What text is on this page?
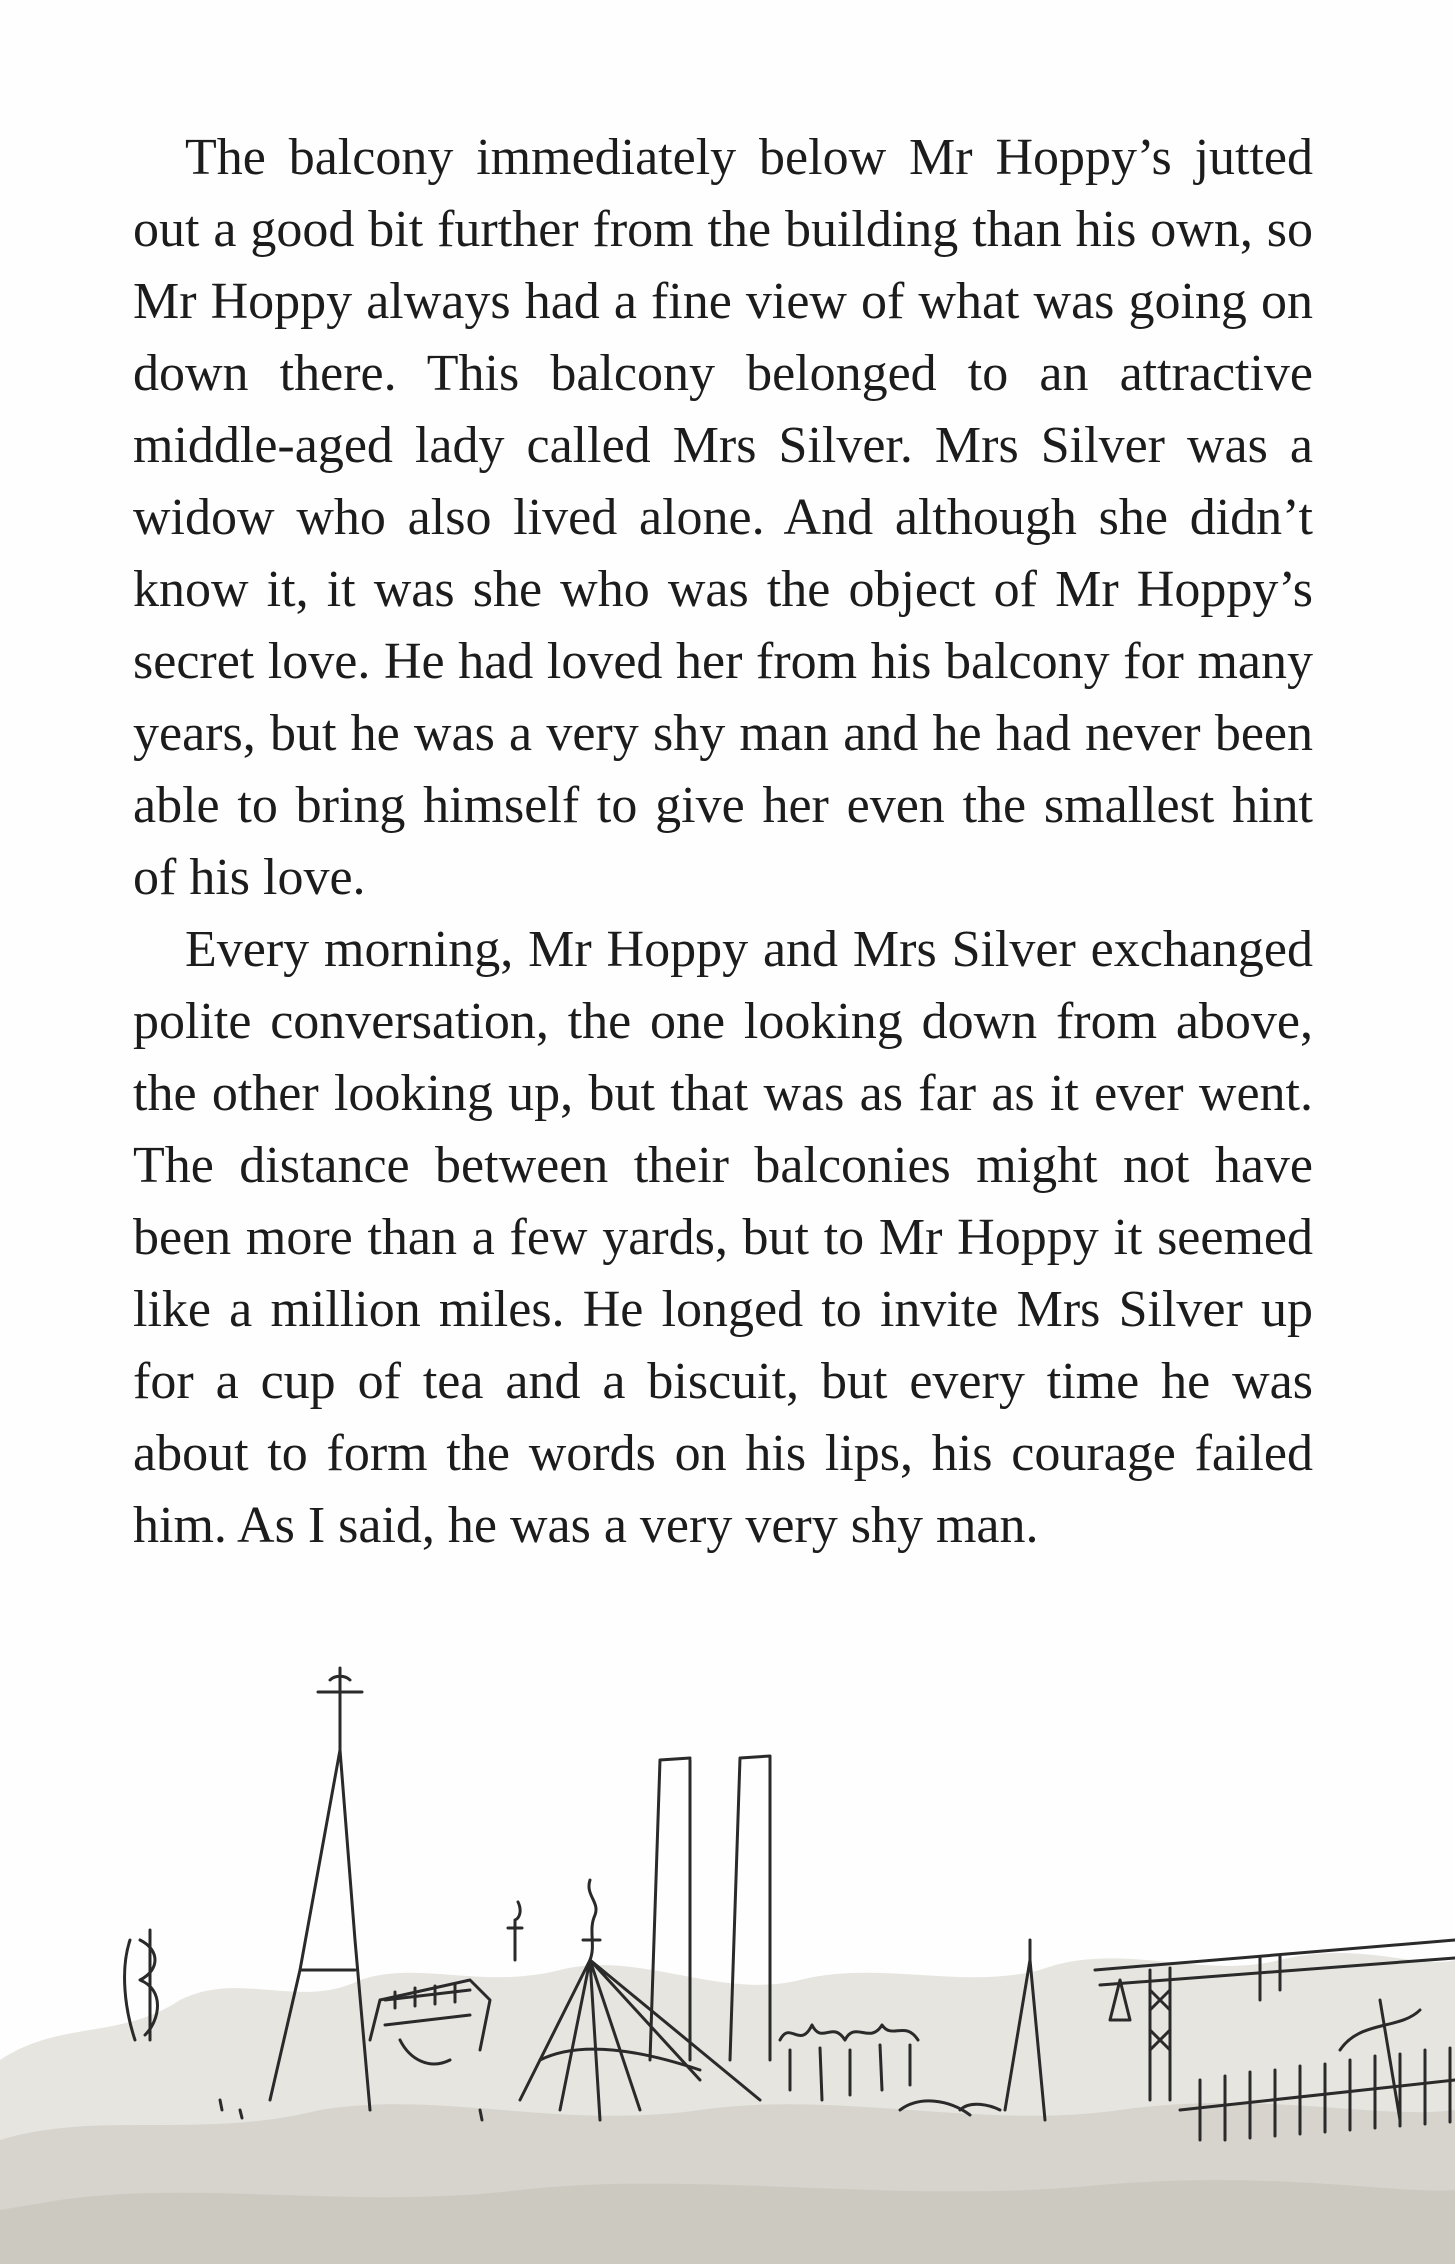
The balcony immediately below Mr Hoppy’s jutted out a good bit further from the building than his own, so Mr Hoppy always had a fine view of what was going on down there. This balcony belonged to an attractive middle-aged lady called Mrs Silver. Mrs Silver was a widow who also lived alone. And although she didn’t know it, it was she who was the object of Mr Hoppy’s secret love. He had loved her from his balcony for many years, but he was a very shy man and he had never been able to bring himself to give her even the smallest hint of his love.

Every morning, Mr Hoppy and Mrs Silver exchanged polite conversation, the one looking down from above, the other looking up, but that was as far as it ever went. The distance between their balconies might not have been more than a few yards, but to Mr Hoppy it seemed like a million miles. He longed to invite Mrs Silver up for a cup of tea and a biscuit, but every time he was about to form the words on his lips, his courage failed him. As I said, he was a very very shy man.
